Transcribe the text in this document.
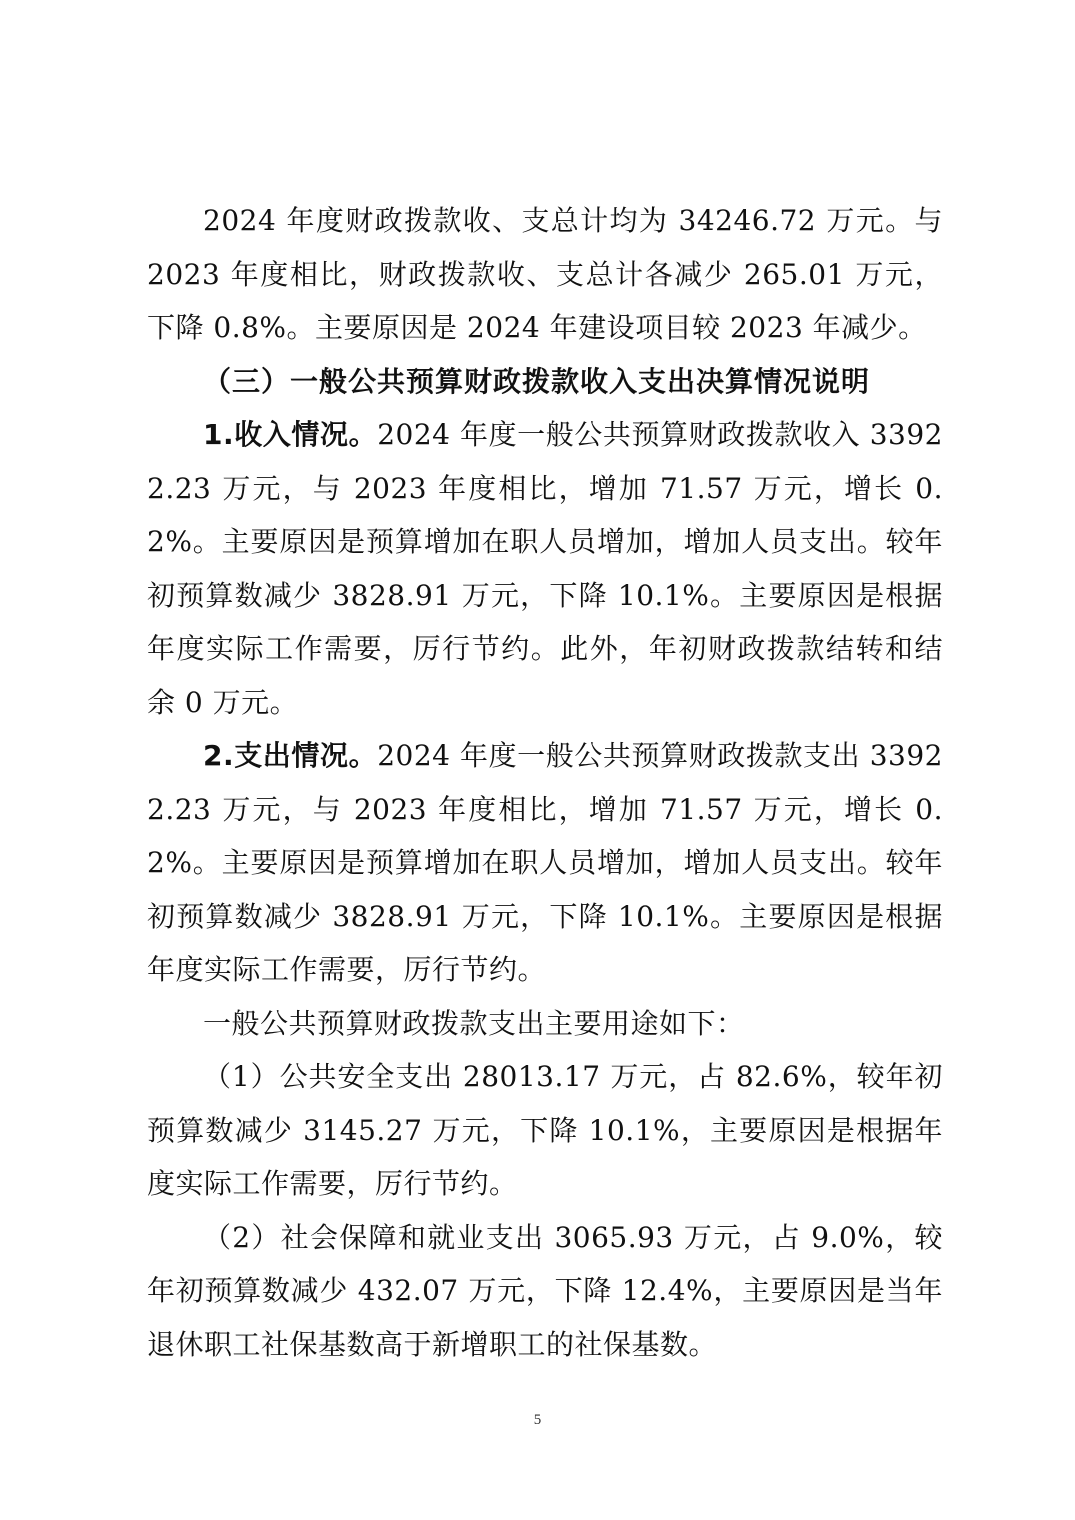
2024 年度财政拨款收、支总计均为 34246.72 万元。与 2023 年度相比，财政拨款收、支总计各减少 265.01 万元，下降 0.8%。主要原因是 2024 年建设项目较 2023 年减少。

（三）一般公共预算财政拨款收入支出决算情况说明

1.收入情况。2024 年度一般公共预算财政拨款收入 33922.23 万元，与 2023 年度相比，增加 71.57 万元，增长 0.2%。主要原因是预算增加在职人员增加，增加人员支出。较年初预算数减少 3828.91 万元，下降 10.1%。主要原因是根据年度实际工作需要，厉行节约。此外，年初财政拨款结转和结余 0 万元。

2.支出情况。2024 年度一般公共预算财政拨款支出 33922.23 万元，与 2023 年度相比，增加 71.57 万元，增长 0.2%。主要原因是预算增加在职人员增加，增加人员支出。较年初预算数减少 3828.91 万元，下降 10.1%。主要原因是根据年度实际工作需要，厉行节约。

一般公共预算财政拨款支出主要用途如下：

（1）公共安全支出 28013.17 万元，占 82.6%，较年初预算数减少 3145.27 万元，下降 10.1%，主要原因是根据年度实际工作需要，厉行节约。

（2）社会保障和就业支出 3065.93 万元，占 9.0%，较年初预算数减少 432.07 万元，下降 12.4%，主要原因是当年退休职工社保基数高于新增职工的社保基数。

5
